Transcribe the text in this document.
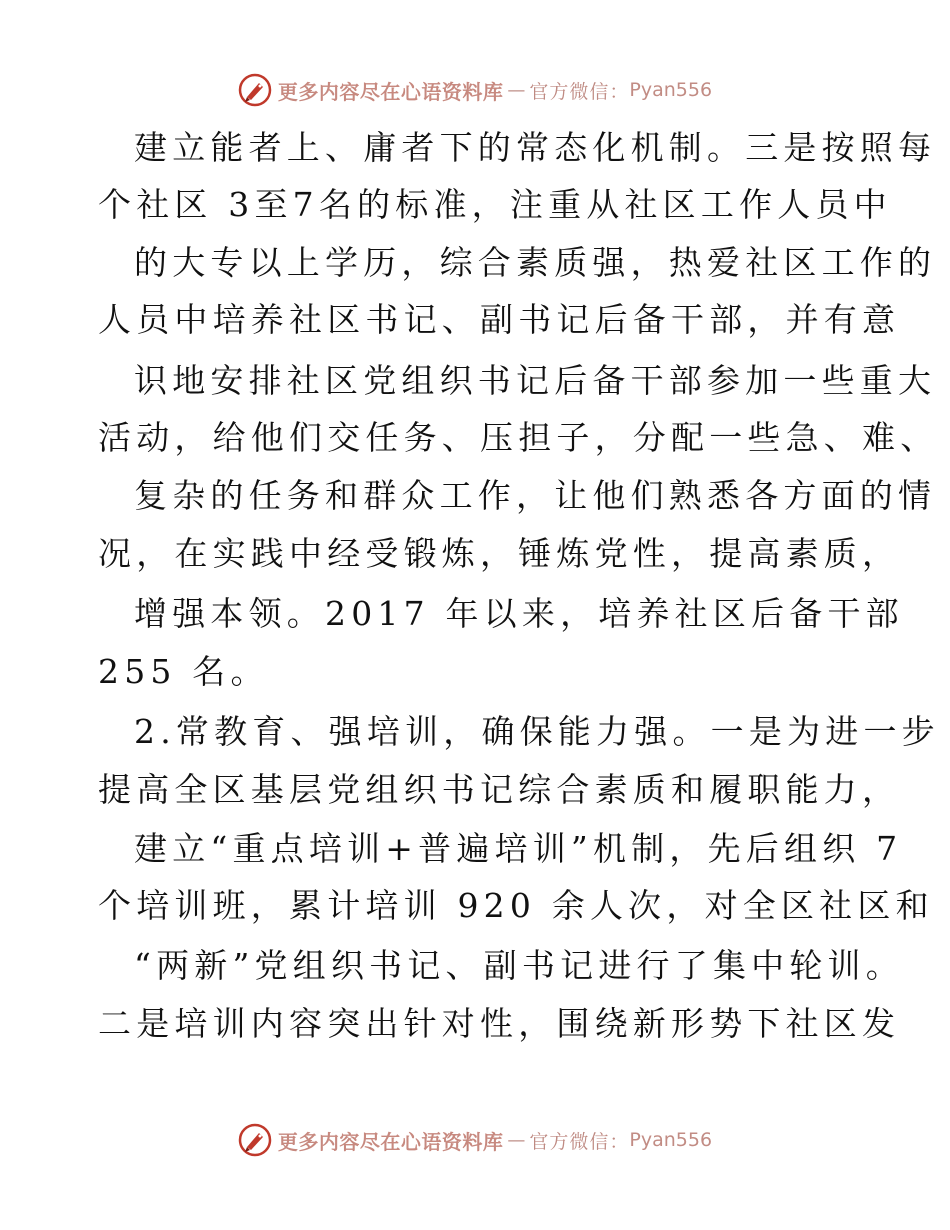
更多内容尽在心语资料库 — 官方微信： Pyan556
建立能者上、庸者下的常态化机制。三是按照每
个社区 3至7名的标准，注重从社区工作人员中
的大专以上学历，综合素质强，热爱社区工作的
人员中培养社区书记、副书记后备干部，并有意
识地安排社区党组织书记后备干部参加一些重大
活动，给他们交任务、压担子，分配一些急、难、
复杂的任务和群众工作，让他们熟悉各方面的情
况，在实践中经受锻炼，锤炼党性，提高素质，
增强本领。2017 年以来，培养社区后备干部
255 名。
2.常教育、强培训，确保能力强。一是为进一步
提高全区基层党组织书记综合素质和履职能力，
建立“重点培训+普遍培训”机制，先后组织 7
个培训班，累计培训 920 余人次，对全区社区和
“两新”党组织书记、副书记进行了集中轮训。
二是培训内容突出针对性，围绕新形势下社区发
更多内容尽在心语资料库 — 官方微信： Pyan556
